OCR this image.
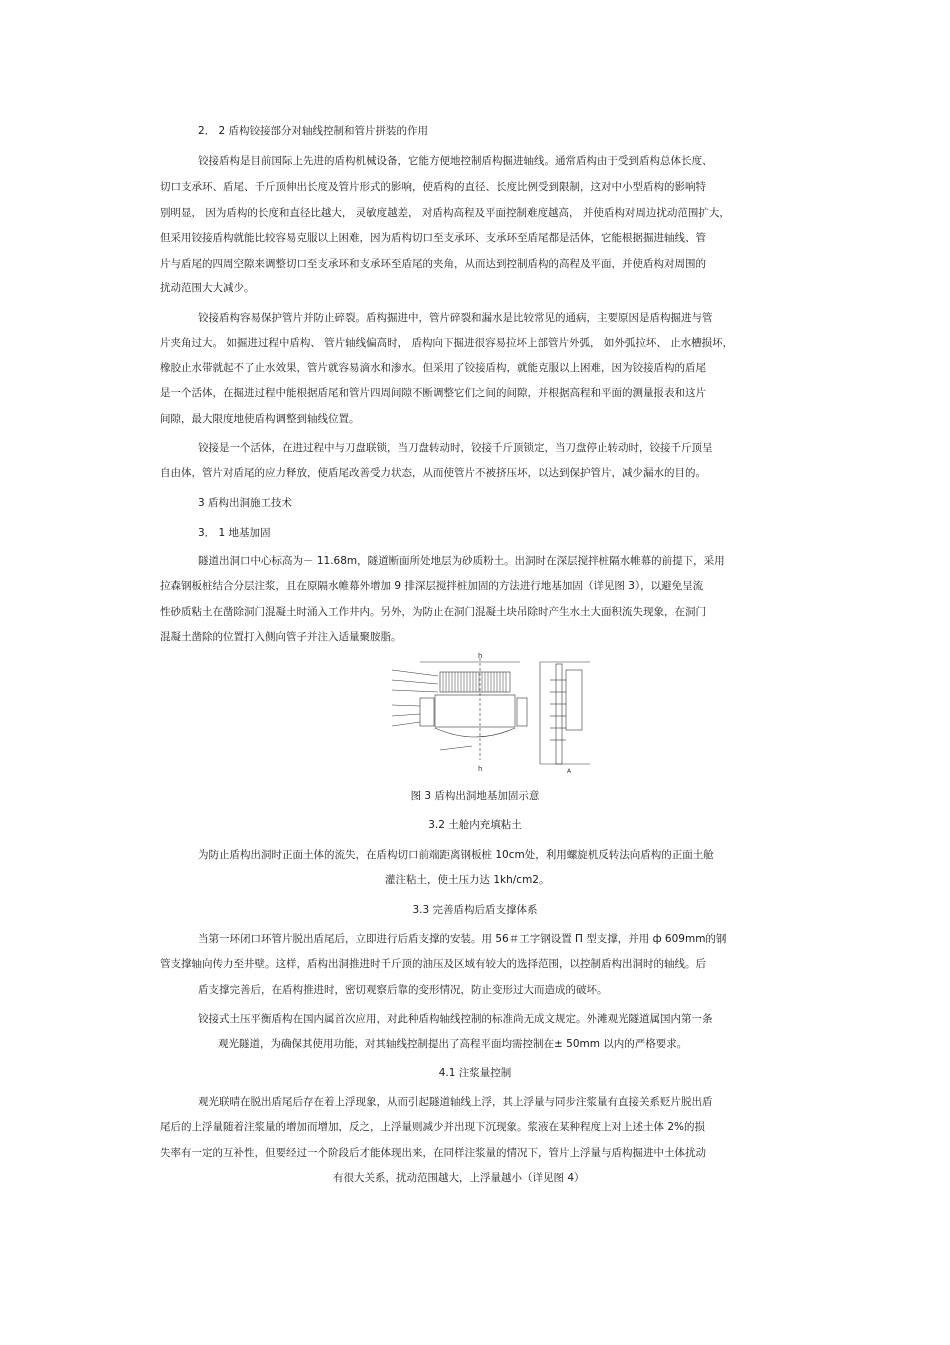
2． 2 盾构铰接部分对轴线控制和管片拼装的作用

铰接盾构是目前国际上先进的盾构机械设备，它能方便地控制盾构掘进轴线。通常盾构由于受到盾构总体长度、

切口支承环、盾尾、千斤顶伸出长度及管片形式的影响，使盾构的直径、长度比例受到限制，这对中小型盾构的影响特

别明显， 因为盾构的长度和直径比越大， 灵敏度越差， 对盾构高程及平面控制难度越高， 并使盾构对周边扰动范围扩大，

但采用铰接盾构就能比较容易克服以上困难，因为盾构切口至支承环、支承环至盾尾都是活体，它能根据掘进轴线、管

片与盾尾的四周空隙来调整切口至支承环和支承环至盾尾的夹角，从而达到控制盾构的高程及平面，并使盾构对周围的

扰动范围大大减少。

铰接盾构容易保护管片并防止碎裂。盾构掘进中，管片碎裂和漏水是比较常见的通病，主要原因是盾构掘进与管

片夹角过大。 如掘进过程中盾构、 管片轴线偏高时， 盾构向下掘进很容易拉坏上部管片外弧， 如外弧拉坏、 止水槽损坏，

橡胶止水带就起不了止水效果，管片就容易滴水和渗水。但采用了铰接盾构，就能克服以上困难，因为铰接盾构的盾尾

是一个活体，在掘进过程中能根据盾尾和管片四周间隙不断调整它们之间的间隙，并根据高程和平面的测量报表和这片

间隙，最大限度地使盾构调整到轴线位置。

铰接是一个活体，在进过程中与刀盘联锁，当刀盘转动时，铰接千斤顶锁定，当刀盘停止转动时，铰接千斤顶呈

自由体，管片对盾尾的应力释放，使盾尾改善受力状态，从而使管片不被挤压坏，以达到保护管片，减少漏水的目的。

3 盾构出洞施工技术

3． 1 地基加固

隧道出洞口中心标高为－ 11.68m，隧道断面所处地层为砂质粉土。出洞时在深层搅拌桩隔水帷幕的前提下，采用

拉森钢板桩结合分层注浆，且在原隔水帷幕外增加 9 排深层搅拌桩加固的方法进行地基加固（详见图 3），以避免呈流

性砂质粘土在凿除洞门混凝土时涌入工作井内。另外，为防止在洞门混凝土块吊除时产生水土大面积流失现象，在洞门

混凝土凿除的位置打入侧向管子并注入适量聚胺脂。

h
h	A

图 3 盾构出洞地基加固示意

3.2 土舱内充填粘土

为防止盾构出洞时正面土体的流失，在盾构切口前端距离钢板桩 10cm处，利用螺旋机反转法向盾构的正面土舱

灌注粘土，使土压力达 1kh/cm2。

3.3 完善盾构后盾支撑体系

当第一环闭口环管片脱出盾尾后，立即进行后盾支撑的安装。用 56＃工字钢设置 Π 型支撑，并用 ф 609mm的钢

管支撑轴向传力至井壁。这样，盾构出洞推进时千斤顶的油压及区域有较大的选择范围，以控制盾构出洞时的轴线。后

盾支撑完善后，在盾构推进时，密切观察后靠的变形情况，防止变形过大而造成的破坏。

铰接式土压平衡盾构在国内属首次应用，对此种盾构轴线控制的标准尚无成文规定。外滩观光隧道属国内第一条

观光隧道，为确保其使用功能，对其轴线控制提出了高程平面均需控制在± 50mm 以内的严格要求。

4.1 注浆量控制

观光联晴在脱出盾尾后存在着上浮现象，从而引起隧道轴线上浮，其上浮量与同步注浆量有直接关系贬片脱出盾

尾后的上浮量随着注浆量的增加而增加，反之，上浮量则减少并出现下沉现象。浆液在某种程度上对上述土体 2%的损

失率有一定的互补性，但要经过一个阶段后才能体现出来，在同样注浆量的情况下，管片上浮量与盾构掘进中土体扰动

有很大关系，扰动范围越大，上浮量越小（详见图 4）
